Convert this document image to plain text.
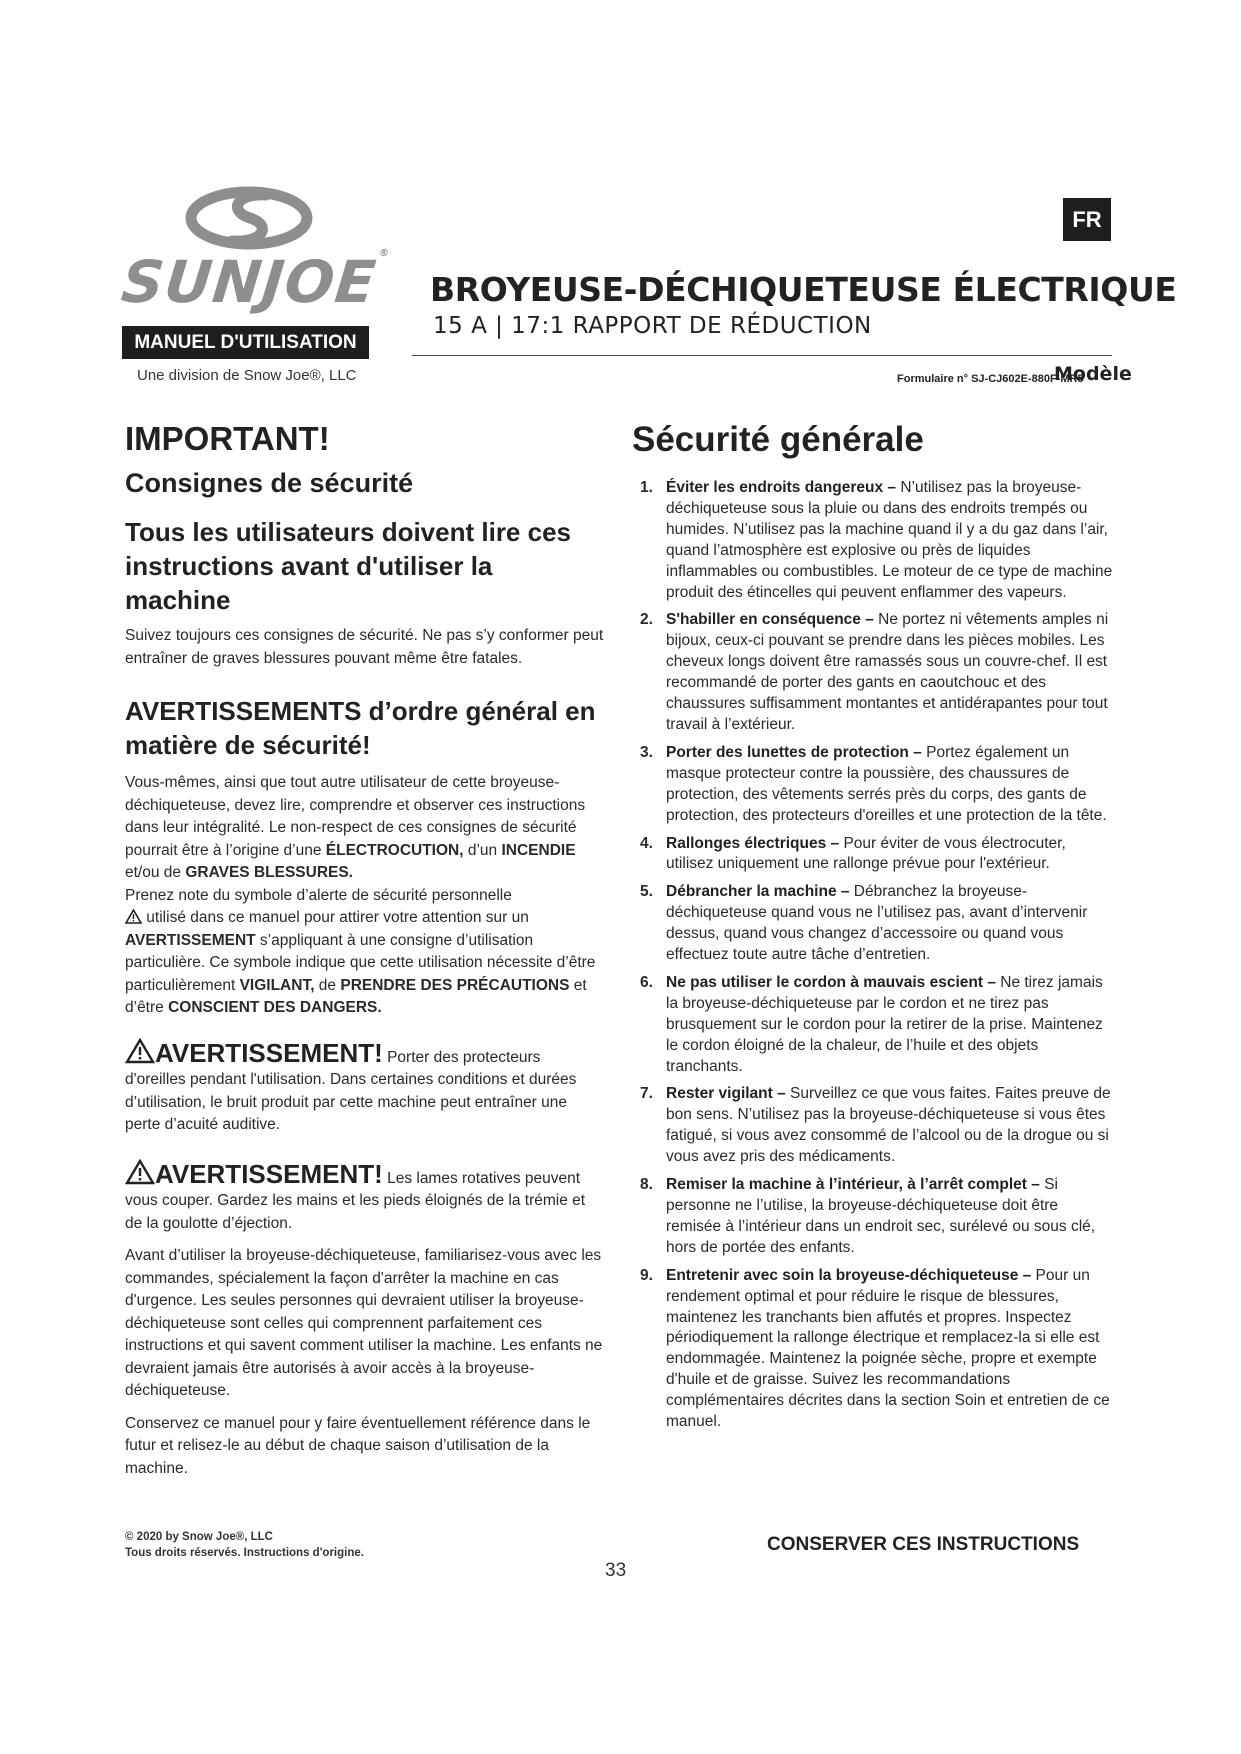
SUNJOE®
MANUEL D'UTILISATION
Une division de Snow Joe®, LLC
FR
BROYEUSE-DÉCHIQUETEUSE ÉLECTRIQUE
15 A | 17:1 RAPPORT DE RÉDUCTION
Formulaire n° SJ-CJ602E-880F-MR5
Modèle
IMPORTANT!
Consignes de sécurité
Tous les utilisateurs doivent lire ces instructions avant d'utiliser la machine

Suivez toujours ces consignes de sécurité. Ne pas s’y conformer peut entraîner de graves blessures pouvant même être fatales.

AVERTISSEMENTS d’ordre général en matière de sécurité!

Vous-mêmes, ainsi que tout autre utilisateur de cette broyeuse-déchiqueteuse, devez lire, comprendre et observer ces instructions dans leur intégralité. Le non-respect de ces consignes de sécurité pourrait être à l’origine d’une ÉLECTROCUTION, d’un INCENDIE et/ou de GRAVES BLESSURES.

Prenez note du symbole d’alerte de sécurité personnelle
utilisé dans ce manuel pour attirer votre attention sur un AVERTISSEMENT s’appliquant à une consigne d’utilisation particulière. Ce symbole indique que cette utilisation nécessite d’être particulièrement VIGILANT, de PRENDRE DES PRÉCAUTIONS et d’être CONSCIENT DES DANGERS.

AVERTISSEMENT! Porter des protecteurs d'oreilles pendant l'utilisation. Dans certaines conditions et durées d’utilisation, le bruit produit par cette machine peut entraîner une perte d’acuité auditive.

AVERTISSEMENT! Les lames rotatives peuvent vous couper. Gardez les mains et les pieds éloignés de la trémie et de la goulotte d’éjection.

Avant d’utiliser la broyeuse-déchiqueteuse, familiarisez-vous avec les commandes, spécialement la façon d'arrêter la machine en cas d'urgence. Les seules personnes qui devraient utiliser la broyeuse-déchiqueteuse sont celles qui comprennent parfaitement ces instructions et qui savent comment utiliser la machine. Les enfants ne devraient jamais être autorisés à avoir accès à la broyeuse-déchiqueteuse.

Conservez ce manuel pour y faire éventuellement référence dans le futur et relisez-le au début de chaque saison d’utilisation de la machine.

Sécurité générale
1. Éviter les endroits dangereux – N’utilisez pas la broyeuse-déchiqueteuse sous la pluie ou dans des endroits trempés ou humides. N’utilisez pas la machine quand il y a du gaz dans l’air, quand l’atmosphère est explosive ou près de liquides inflammables ou combustibles. Le moteur de ce type de machine produit des étincelles qui peuvent enflammer des vapeurs.
2. S'habiller en conséquence – Ne portez ni vêtements amples ni bijoux, ceux-ci pouvant se prendre dans les pièces mobiles. Les cheveux longs doivent être ramassés sous un couvre-chef. Il est recommandé de porter des gants en caoutchouc et des chaussures suffisamment montantes et antidérapantes pour tout travail à l’extérieur.
3. Porter des lunettes de protection – Portez également un masque protecteur contre la poussière, des chaussures de protection, des vêtements serrés près du corps, des gants de protection, des protecteurs d'oreilles et une protection de la tête.
4. Rallonges électriques – Pour éviter de vous électrocuter, utilisez uniquement une rallonge prévue pour l'extérieur.
5. Débrancher la machine – Débranchez la broyeuse-déchiqueteuse quand vous ne l’utilisez pas, avant d’intervenir dessus, quand vous changez d’accessoire ou quand vous effectuez toute autre tâche d’entretien.
6. Ne pas utiliser le cordon à mauvais escient – Ne tirez jamais la broyeuse-déchiqueteuse par le cordon et ne tirez pas brusquement sur le cordon pour la retirer de la prise. Maintenez le cordon éloigné de la chaleur, de l’huile et des objets tranchants.
7. Rester vigilant – Surveillez ce que vous faites. Faites preuve de bon sens. N’utilisez pas la broyeuse-déchiqueteuse si vous êtes fatigué, si vous avez consommé de l’alcool ou de la drogue ou si vous avez pris des médicaments.
8. Remiser la machine à l’intérieur, à l’arrêt complet – Si personne ne l’utilise, la broyeuse-déchiqueteuse doit être remisée à l’intérieur dans un endroit sec, surélevé ou sous clé, hors de portée des enfants.
9. Entretenir avec soin la broyeuse-déchiqueteuse – Pour un rendement optimal et pour réduire le risque de blessures, maintenez les tranchants bien affutés et propres. Inspectez périodiquement la rallonge électrique et remplacez-la si elle est endommagée. Maintenez la poignée sèche, propre et exempte d'huile et de graisse. Suivez les recommandations complémentaires décrites dans la section Soin et entretien de ce manuel.
© 2020 by Snow Joe®, LLC
Tous droits réservés. Instructions d'origine.
33
CONSERVER CES INSTRUCTIONS
